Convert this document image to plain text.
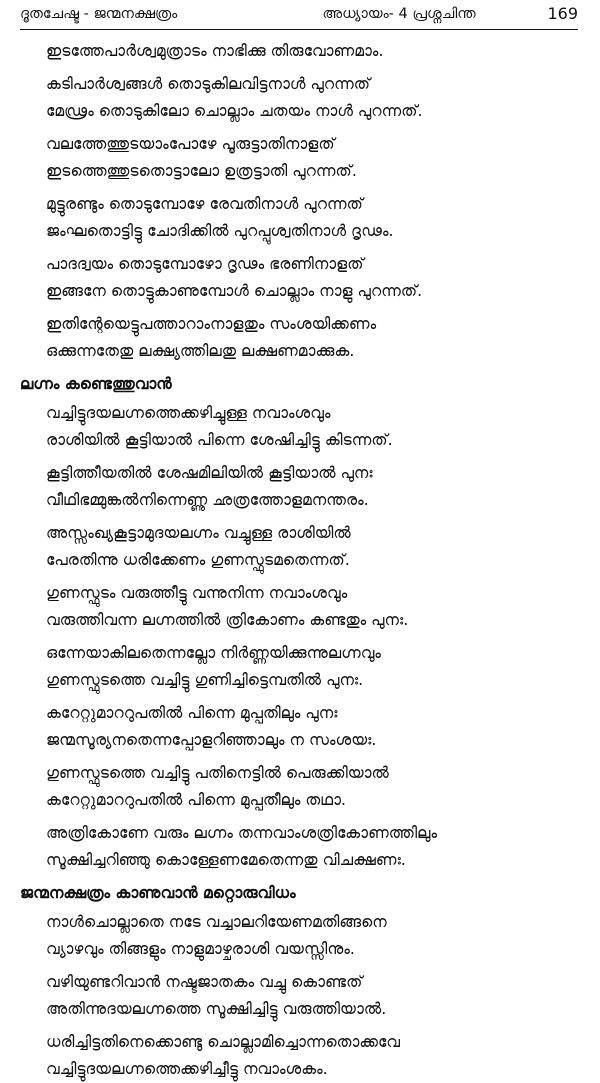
ദൂതചേഷ്ട - ജന്മനക്ഷത്രം	അധ്യായം- 4 പ്രശ്നചിന്ത	169
ഇടത്തേപാർശ്വമുത്രാടം നാഭിക്കു തിരുവോണമാം.
കടിപാർശ്വങ്ങൾ തൊടുകിലവിട്ടനാൾ പുറന്നത്
മേഢ്രം തൊടുകിലോ ചൊല്ലാം ചതയം നാൾ പുറന്നത്.
വലത്തേത്തുടയാംപോഴേ പൂരുട്ടാതിനാളത്
ഇടത്തെത്തുടതൊട്ടാലോ ഉത്രട്ടാതി പുറന്നത്.
മുട്ടുരണ്ടും തൊടുമ്പോഴേ രേവതിനാൾ പുറന്നത്
ജംഘതൊട്ടിട്ടു ചോദിക്കിൽ പുറപ്പുശ്വതിനാൾ ദൃഢം.
പാദദ്വയം തൊടുമ്പോഴോ ദൃഢം ഭരണിനാളത്
ഇങ്ങനേ തൊട്ടുകാണുമ്പോൾ ചൊല്ലാം നാളു പുറന്നത്.
ഇതിന്റേയെട്ടുപത്താറാംനാളതും സംശയിക്കണം
ഒക്കുന്നതേതു ലക്ഷ്യത്തിലതു ലക്ഷണമാക്കുക.
ലഗ്നം കണ്ടെത്തുവാൻ
വച്ചിട്ടുദയലഗ്നത്തെക്കഴിച്ചുള്ള നവാംശവും
രാശിയിൽ കൂട്ടിയാൽ പിന്നെ ശേഷിച്ചിട്ടു കിടന്നത്.
കൂട്ടിത്തീയതിൽ ശേഷമിലിയിൽ കൂട്ടിയാൽ പുനഃ
വീഥിഭമ്മുങ്കൽനിന്നെണ്ണു ഛത്രത്തോളമനന്തരം.
അസ്സംഖ്യകൂട്ടാമുദയലഗ്നം വച്ചുള്ള രാശിയിൽ
പേരതിന്നു ധരിക്കേണം ഗുണസ്ഫുടമതെന്നത്.
ഗുണസ്ഫുടം വരുത്തീട്ടു വന്നുനിന്ന നവാംശവും
വരുത്തിവന്ന ലഗ്നത്തിൽ ത്രികോണം കണ്ടതും പുനഃ.
ഒന്നേയാകിലതെന്നല്ലോ നിർണ്ണയിക്കുന്നുലഗ്നവും
ഗുണസ്ഫുടത്തെ വച്ചിട്ടു ഗുണിച്ചിട്ടെമ്പതിൽ പുനഃ.
കറേറ്റുമാററുപതിൽ പിന്നെ മുപ്പതിലും പുനഃ
ജന്മസൂര്യനതെന്നപ്പോളറിഞ്ഞാലും ന സംശയഃ.
ഗുണസ്ഫുടത്തെ വച്ചിട്ടു പതിനെട്ടിൽ പെരുക്കിയാൽ
കറേറ്റുമാററുപതിൽ പിന്നെ മുപ്പതീലും തഥാ.
അത്രികോണേ വരും ലഗ്നം തന്നവാംശത്രികോണത്തിലും
സൂക്ഷിച്ചറിഞ്ഞു കൊള്ളേണമേതെന്നതു വിചക്ഷണഃ.
ജന്മനക്ഷത്രം കാണുവാൻ മറ്റൊരുവിധം
നാൾചൊല്ലാതെ നടേ വച്ചാലറിയേണമതിങ്ങനെ
വ്യാഴവും തിങ്ങളും നാളുമാഴ്ചരാശി വയസ്സിനും.
വഴിയുണ്ടറിവാൻ നഷ്ടജാതകം വച്ചു കൊണ്ടത്
അതിന്നുദയലഗ്നത്തെ സൂക്ഷിച്ചിട്ടു വരുത്തിയാൽ.
ധരിച്ചിട്ടതിനെക്കൊണ്ടു ചൊല്ലാമിച്ചൊന്നതൊക്കവേ
വച്ചിട്ടുദയലഗ്നത്തെക്കഴിച്ചീട്ടു നവാംശകം.
